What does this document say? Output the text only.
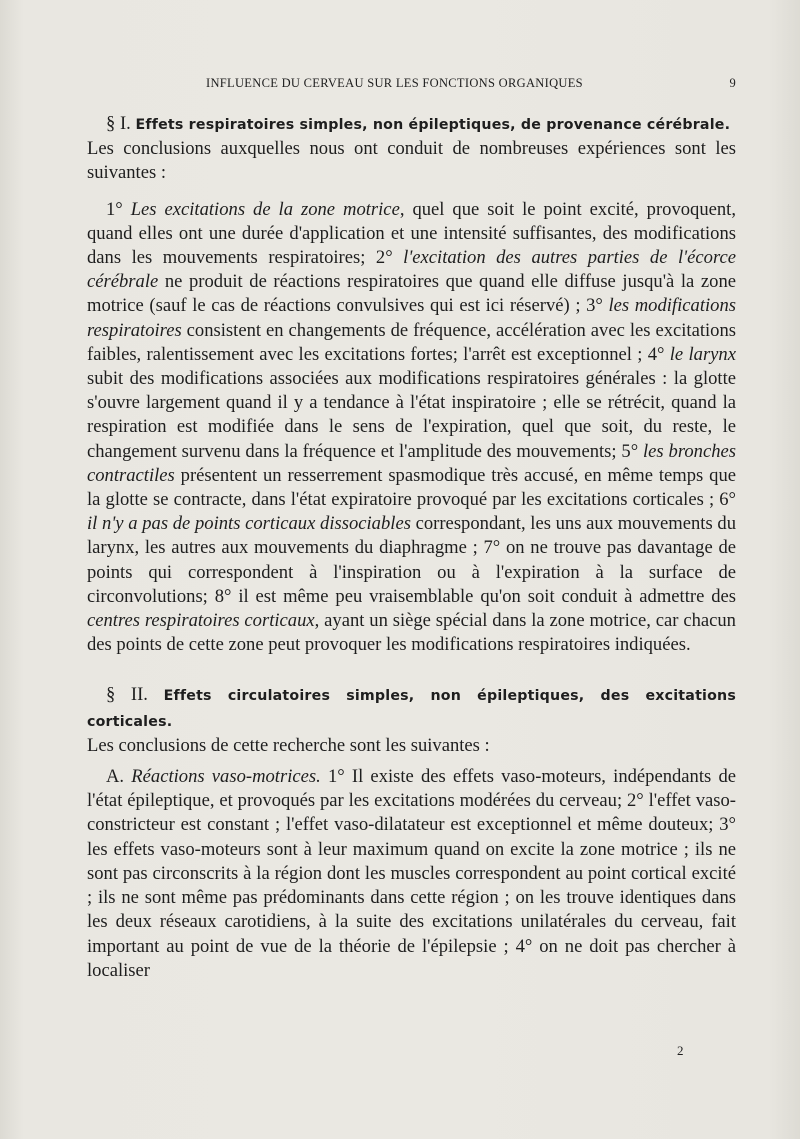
INFLUENCE DU CERVEAU SUR LES FONCTIONS ORGANIQUES	9

§ I. Effets respiratoires simples, non épileptiques, de provenance cérébrale.

Les conclusions auxquelles nous ont conduit de nombreuses expériences sont les suivantes :

1° Les excitations de la zone motrice, quel que soit le point excité, provoquent, quand elles ont une durée d'application et une intensité suffisantes, des modifications dans les mouvements respiratoires; 2° l'excitation des autres parties de l'écorce cérébrale ne produit de réactions respiratoires que quand elle diffuse jusqu'à la zone motrice (sauf le cas de réactions convulsives qui est ici réservé) ; 3° les modifications respiratoires consistent en changements de fréquence, accélération avec les excitations faibles, ralentissement avec les excitations fortes; l'arrêt est exceptionnel ; 4° le larynx subit des modifications associées aux modifications respiratoires générales : la glotte s'ouvre largement quand il y a tendance à l'état inspiratoire ; elle se rétrécit, quand la respiration est modifiée dans le sens de l'expiration, quel que soit, du reste, le changement survenu dans la fréquence et l'amplitude des mouvements; 5° les bronches contractiles présentent un resserrement spasmodique très accusé, en même temps que la glotte se contracte, dans l'état expiratoire provoqué par les excitations corticales ; 6° il n'y a pas de points corticaux dissociables correspondant, les uns aux mouvements du larynx, les autres aux mouvements du diaphragme ; 7° on ne trouve pas davantage de points qui correspondent à l'inspiration ou à l'expiration à la surface de circonvolutions; 8° il est même peu vraisemblable qu'on soit conduit à admettre des centres respiratoires corticaux, ayant un siège spécial dans la zone motrice, car chacun des points de cette zone peut provoquer les modifications respiratoires indiquées.

§ II. Effets circulatoires simples, non épileptiques, des excitations corticales.

Les conclusions de cette recherche sont les suivantes :

A. Réactions vaso-motrices. 1° Il existe des effets vaso-moteurs, indépendants de l'état épileptique, et provoqués par les excitations modérées du cerveau; 2° l'effet vaso-constricteur est constant ; l'effet vaso-dilatateur est exceptionnel et même douteux; 3° les effets vaso-moteurs sont à leur maximum quand on excite la zone motrice ; ils ne sont pas circonscrits à la région dont les muscles correspondent au point cortical excité ; ils ne sont même pas prédominants dans cette région ; on les trouve identiques dans les deux réseaux carotidiens, à la suite des excitations unilatérales du cerveau, fait important au point de vue de la théorie de l'épilepsie ; 4° on ne doit pas chercher à localiser

2
